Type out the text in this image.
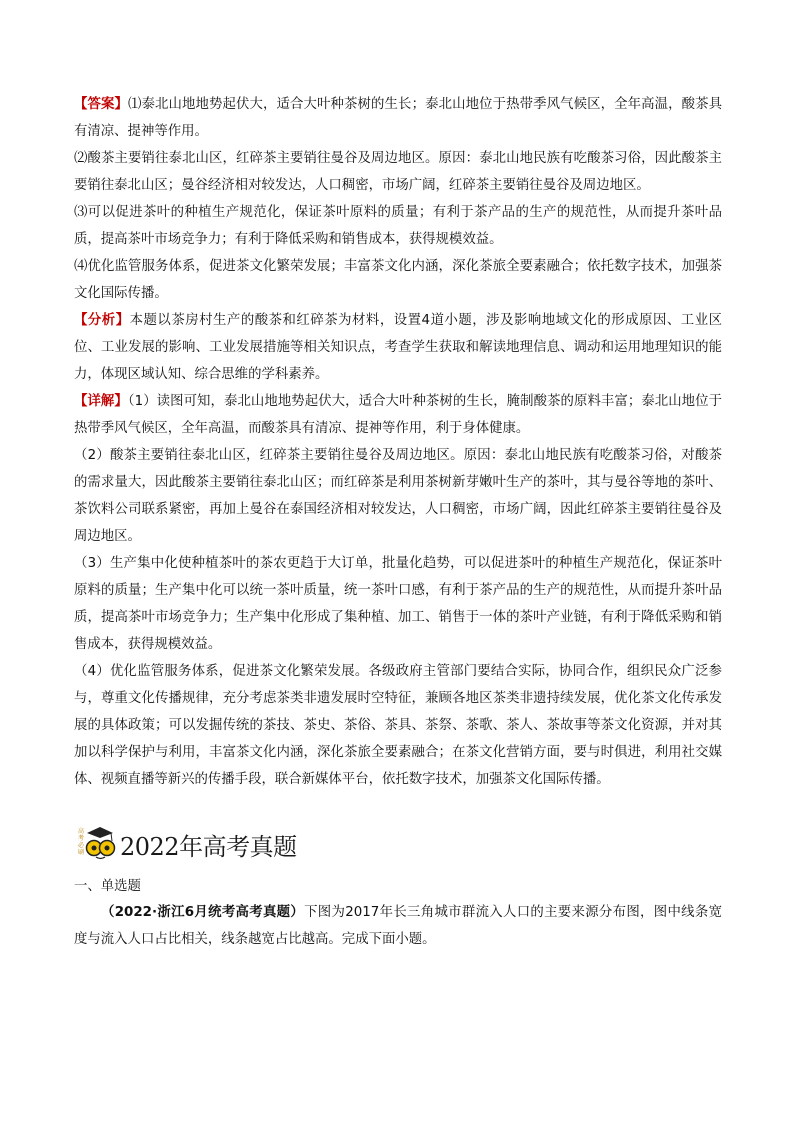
【答案】⑴泰北山地地势起伏大，适合大叶种茶树的生长；泰北山地位于热带季风气候区，全年高温，酸茶具有清凉、提神等作用。

⑵酸茶主要销往泰北山区，红碎茶主要销往曼谷及周边地区。原因：泰北山地民族有吃酸茶习俗，因此酸茶主要销往泰北山区；曼谷经济相对较发达，人口稠密，市场广阔，红碎茶主要销往曼谷及周边地区。

⑶可以促进茶叶的种植生产规范化，保证茶叶原料的质量；有利于茶产品的生产的规范性，从而提升茶叶品质，提高茶叶市场竞争力；有利于降低采购和销售成本，获得规模效益。

⑷优化监管服务体系，促进茶文化繁荣发展；丰富茶文化内涵，深化茶旅全要素融合；依托数字技术，加强茶文化国际传播。

【分析】本题以茶房村生产的酸茶和红碎茶为材料，设置4道小题，涉及影响地域文化的形成原因、工业区位、工业发展的影响、工业发展措施等相关知识点，考查学生获取和解读地理信息、调动和运用地理知识的能力，体现区域认知、综合思维的学科素养。

【详解】（1）读图可知，泰北山地地势起伏大，适合大叶种茶树的生长，腌制酸茶的原料丰富；泰北山地位于热带季风气候区，全年高温，而酸茶具有清凉、提神等作用，利于身体健康。

（2）酸茶主要销往泰北山区，红碎茶主要销往曼谷及周边地区。原因：泰北山地民族有吃酸茶习俗，对酸茶的需求量大，因此酸茶主要销往泰北山区；而红碎茶是利用茶树新芽嫩叶生产的茶叶，其与曼谷等地的茶叶、茶饮料公司联系紧密，再加上曼谷在泰国经济相对较发达，人口稠密，市场广阔，因此红碎茶主要销往曼谷及周边地区。

（3）生产集中化使种植茶叶的茶农更趋于大订单，批量化趋势，可以促进茶叶的种植生产规范化，保证茶叶原料的质量；生产集中化可以统一茶叶质量，统一茶叶口感，有利于茶产品的生产的规范性，从而提升茶叶品质，提高茶叶市场竞争力；生产集中化形成了集种植、加工、销售于一体的茶叶产业链，有利于降低采购和销售成本，获得规模效益。

（4）优化监管服务体系，促进茶文化繁荣发展。各级政府主管部门要结合实际，协同合作，组织民众广泛参与，尊重文化传播规律，充分考虑茶类非遗发展时空特征，兼顾各地区茶类非遗持续发展，优化茶文化传承发展的具体政策；可以发掘传统的茶技、茶史、茶俗、茶具、茶祭、茶歌、茶人、茶故事等茶文化资源，并对其加以科学保护与利用，丰富茶文化内涵，深化茶旅全要素融合；在茶文化营销方面，要与时俱进，利用社交媒体、视频直播等新兴的传播手段，联合新媒体平台，依托数字技术，加强茶文化国际传播。

高
考
必
刷 2022年高考真题
一、单选题

（2022·浙江6月统考高考真题）下图为2017年长三角城市群流入人口的主要来源分布图，图中线条宽度与流入人口占比相关，线条越宽占比越高。完成下面小题。
